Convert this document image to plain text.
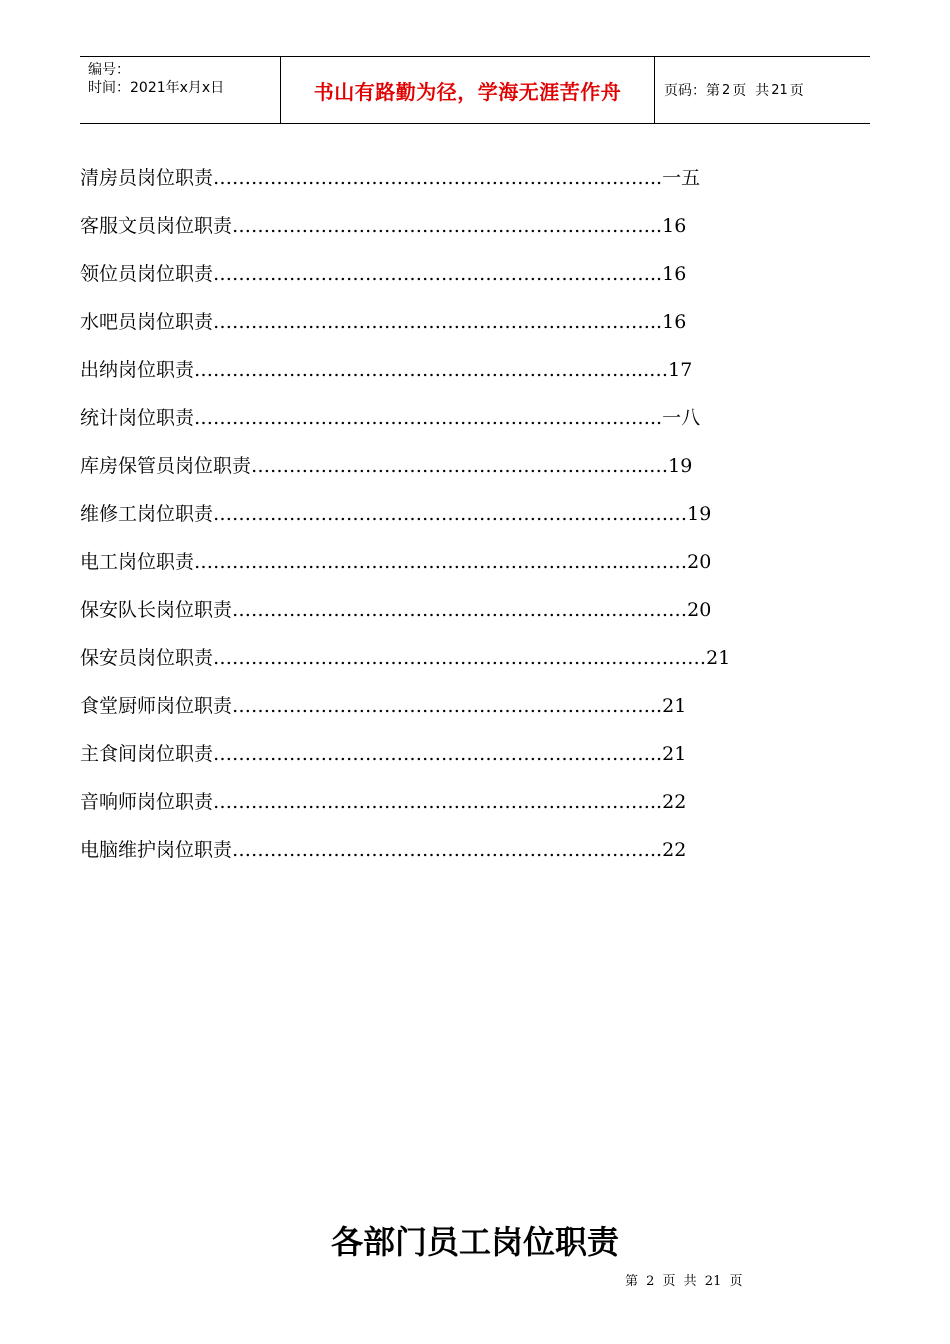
编号：
时间：2021年x月x日	书山有路勤为径，学海无涯苦作舟	页码：第 2 页  共 21 页
清房员岗位职责 …………………………………………………………….. 一五
客服文员岗位职责 ………………………………………………………….. 16
领位员岗位职责 …………………………………………………………….. 16
水吧员岗位职责 …………………………………………………………….. 16
出纳岗位职责 ……………………………………………………………...… 17
统计岗位职责 ……………………………………………………………….. 一八
库房保管员岗位职责 ……………………………………………………...… 19
维修工岗位职责 …………………………………………………………...…… 19
电工岗位职责 …………………………………………………………...……… 20
保安队长岗位职责 …………………………………………………...………… 20
保安员岗位职责 ……………………………………………………...…………… 21
食堂厨师岗位职责 ………………………………………………………….. 21
主食间岗位职责 …………………………………………………………….. 21
音响师岗位职责 …………………………………………………………….. 22
电脑维护岗位职责 ………………………………………………………….. 22
各部门员工岗位职责
第 2 页 共 21 页
